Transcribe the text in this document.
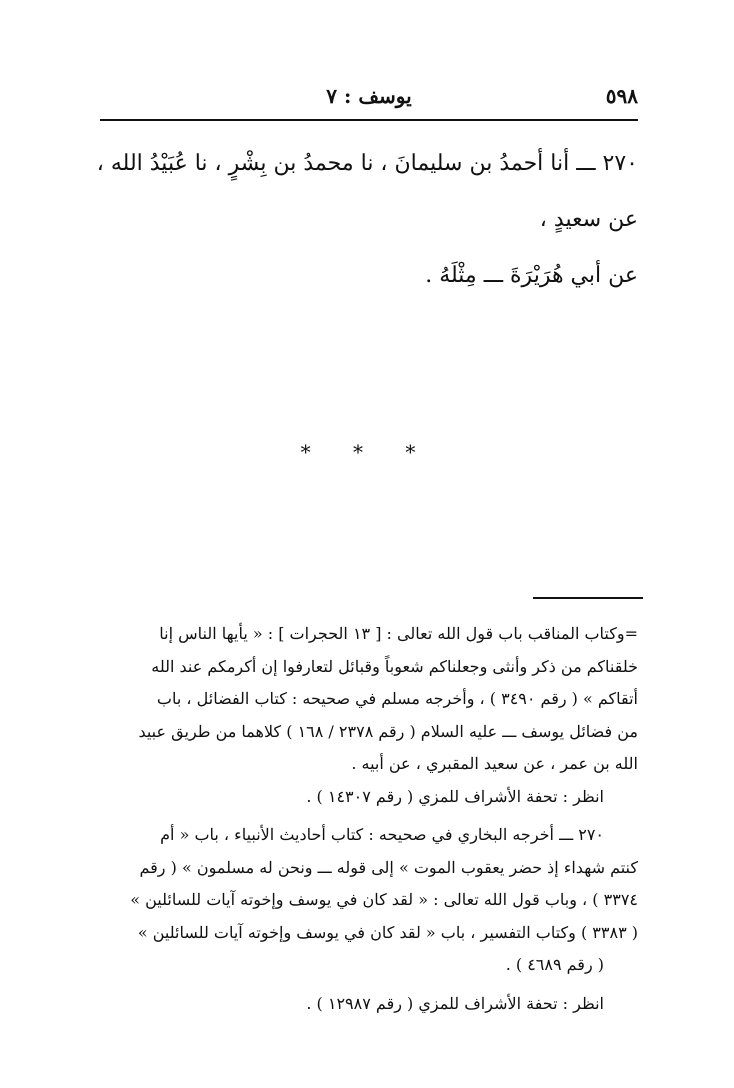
٥٩٨
يوسف : ٧

٢٧٠ ـــ أنا أحمدُ بن سليمانَ ، نا محمدُ بن بِشْرٍ ، نا عُبَيْدُ الله ،

عن سعيدٍ ،

عن أبي هُرَيْرَةَ ـــ مِثْلَهُ .

* * *

=وكتاب المناقب باب قول الله تعالى : [ ١٣ الحجرات ] : « يأيها الناس إنا

خلقناكم من ذكر وأنثى وجعلناكم شعوباً وقبائل لتعارفوا إن أكرمكم عند الله

أتقاكم » ( رقم ٣٤٩٠ ) ، وأخرجه مسلم في صحيحه : كتاب الفضائل ، باب

من فضائل يوسف ـــ عليه السلام ( رقم ٢٣٧٨ / ١٦٨ ) كلاهما من طريق عبيد

الله بن عمر ، عن سعيد المقبري ، عن أبيه .

انظر : تحفة الأشراف للمزي ( رقم ١٤٣٠٧ ) .

٢٧٠ ـــ أخرجه البخاري في صحيحه : كتاب أحاديث الأنبياء ، باب « أم

كنتم شهداء إذ حضر يعقوب الموت » إلى قوله ـــ ونحن له مسلمون » ( رقم

٣٣٧٤ ) ، وباب قول الله تعالى : « لقد كان في يوسف وإخوته آيات للسائلين »

( ٣٣٨٣ ) وكتاب التفسير ، باب « لقد كان في يوسف وإخوته آيات للسائلين »

( رقم ٤٦٨٩ ) .

انظر : تحفة الأشراف للمزي ( رقم ١٢٩٨٧ ) .
